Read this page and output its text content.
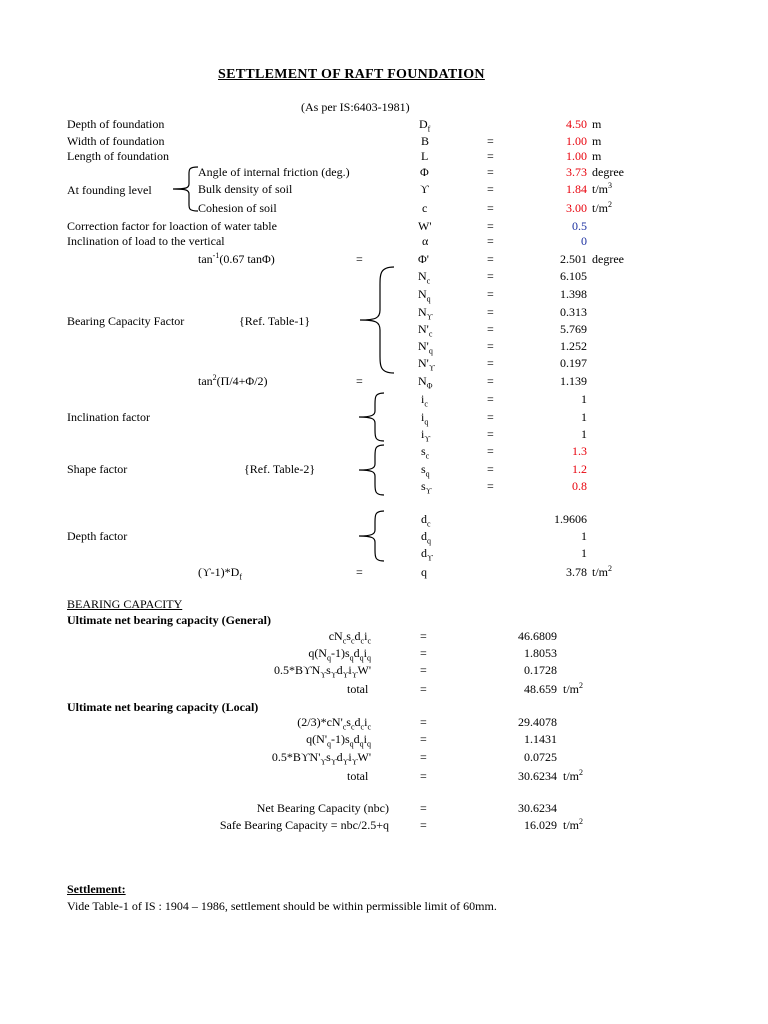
SETTLEMENT OF RAFT FOUNDATION
(As per IS:6403-1981)
Depth of foundation	$D_f$	4.50 m
Width of foundation	B	=	1.00 m
Length of foundation	L	=	1.00 m
At founding level
Angle of internal friction (deg.)	Φ	=	3.73 degree
Bulk density of soil	ϒ	=	1.84 $t/m^3$
Cohesion of soil	c	=	3.00 $t/m^2$
Correction factor for loaction of water table	W'	=	0.5
Inclination of load to the vertical	α	=	0
$\tan^{-1}(0.67$ tanΦ)	=	Φ'	=	2.501 degree
Bearing Capacity Factor	{Ref. Table-1}
$N_c$	=	6.105
$N_q$	=	1.398
$N_ϒ$	=	0.313
$N'_c$	=	5.769
$N'_q$	=	1.252
$N'_ϒ$	=	0.197
$\tan^2(\Pi/4+\Phi/2)$	=	$N_\Phi$	=	1.139
Inclination factor
$i_c$	=	1
$i_q$	=	1
$i_ϒ$	=	1
Shape factor	{Ref. Table-2}
$s_c$	=	1.3
$s_q$	=	1.2
$s_ϒ$	=	0.8
Depth factor
$d_c$	1.9606
$d_q$	1
$d_ϒ$	1
$(ϒ-1)*D_f$	=	q	3.78 $t/m^2$
BEARING CAPACITY
Ultimate net bearing capacity (General)
$cN_cs_cd_ci_c$	=	46.6809
$q(N_q-1)s_qd_qi_q$	=	1.8053
$0.5*BϒN_ϒs_ϒd_ϒi_ϒW'$	=	0.1728
total	=	48.659 $t/m^2$
Ultimate net bearing capacity (Local)
$(2/3)*cN'_cs_cd_ci_c$	=	29.4078
$q(N'_q-1)s_qd_qi_q$	=	1.1431
$0.5*BϒN'_ϒs_ϒd_ϒi_ϒW'$	=	0.0725
total	=	30.6234 $t/m^2$
Net Bearing Capacity (nbc)	=	30.6234
Safe Bearing Capacity = nbc/2.5+q	=	16.029 $t/m^2$
Settlement:
Vide Table-1 of IS : 1904 – 1986, settlement should be within permissible limit of 60mm.
